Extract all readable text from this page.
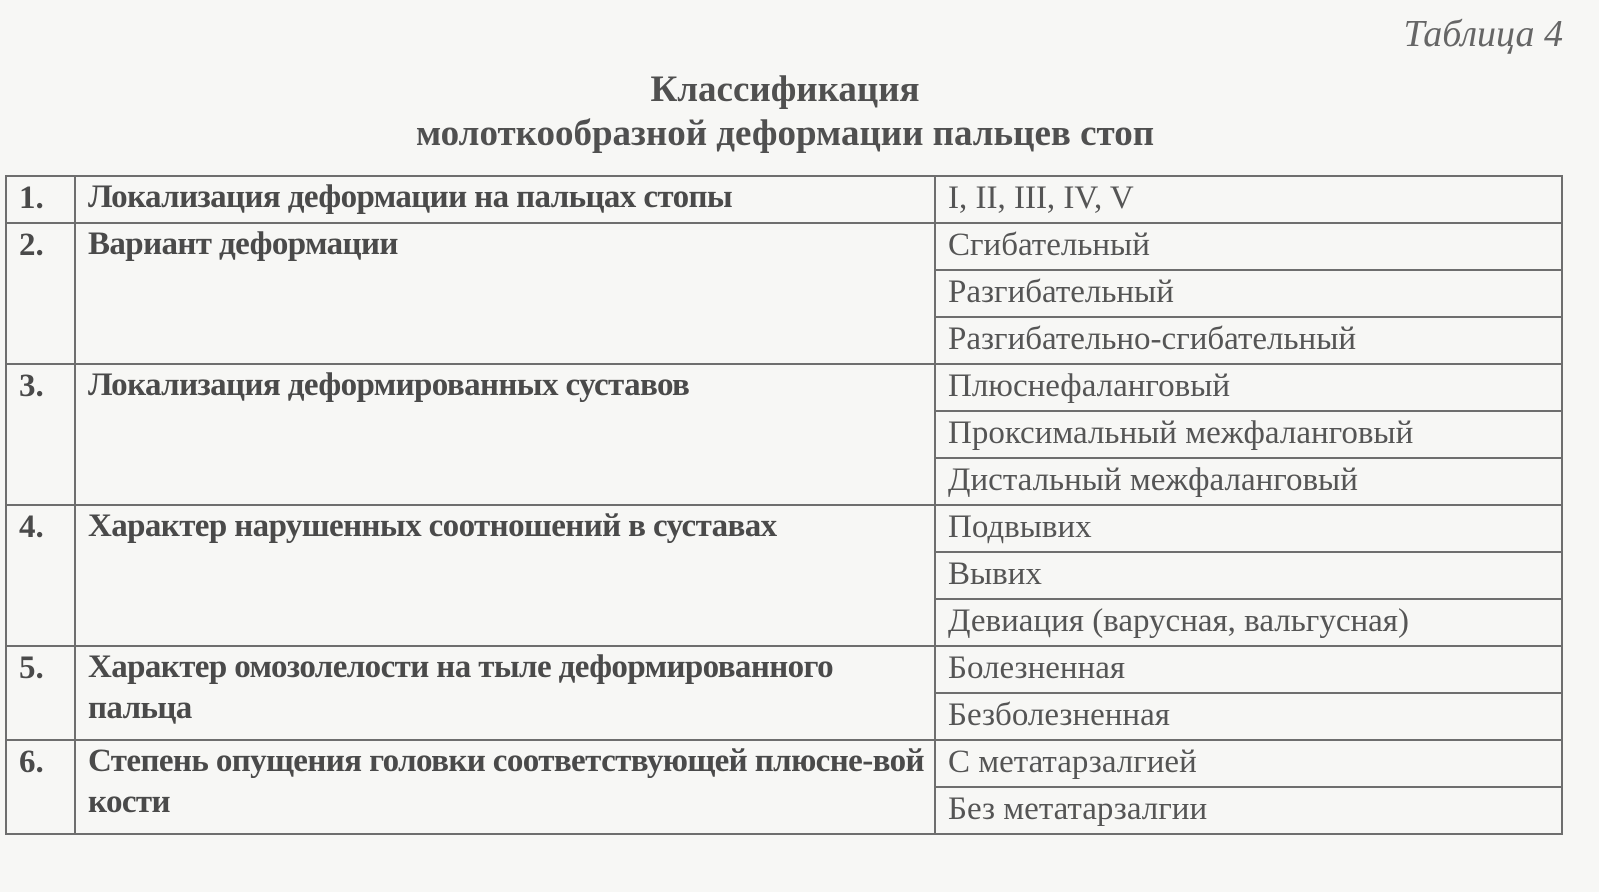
Таблица 4
Классификация
молоткообразной деформации пальцев стоп
1.	Локализация деформации на пальцах стопы	I, II, III, IV, V
2.	Вариант деформации	Сгибательный
		Разгибательный
		Разгибательно-сгибательный
3.	Локализация деформированных суставов	Плюснефаланговый
		Проксимальный межфаланговый
		Дистальный межфаланговый
4.	Характер нарушенных соотношений в суставах	Подвывих
		Вывих
		Девиация (варусная, вальгусная)
5.	Характер омозолелости на тыле деформированного пальца	Болезненная
		Безболезненная
6.	Степень опущения головки соответствующей плюсне-вой кости	С метатарзалгией
		Без метатарзалгии
